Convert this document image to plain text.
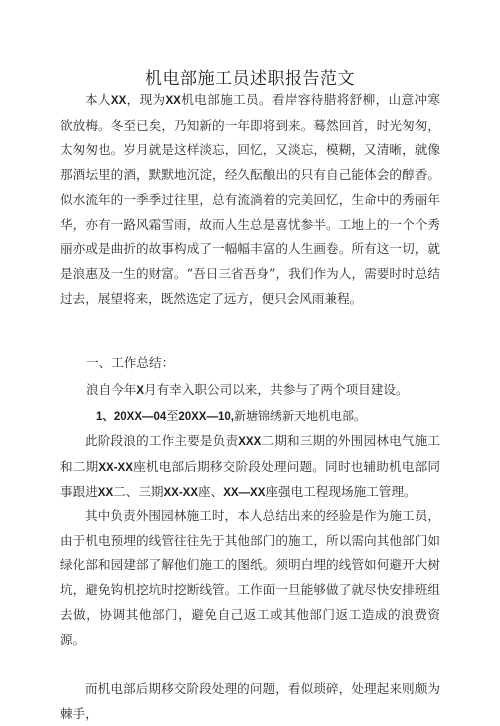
机电部施工员述职报告范文
本人XX，现为XX机电部施工员。看岸容待腊将舒柳，山意冲寒欲放梅。冬至已矣，乃知新的一年即将到来。蓦然回首，时光匆匆，太匆匆也。岁月就是这样淡忘，回忆，又淡忘，模糊，又清晰，就像那酒坛里的酒，默默地沉淀，经久酝酿出的只有自己能体会的醇香。似水流年的一季季过往里，总有流淌着的完美回忆，生命中的秀丽年华，亦有一路风霜雪雨，故而人生总是喜忧参半。工地上的一个个秀丽亦或是曲折的故事构成了一幅幅丰富的人生画卷。所有这一切，就是浪惠及一生的财富。“吾日三省吾身”，我们作为人，需要时时总结过去，展望将来，既然选定了远方，便只会风雨兼程。
一、工作总结：
浪自今年X月有幸入职公司以来，共参与了两个项目建设。
1、20XX—04至20XX—10,新塘锦绣新天地机电部。
此阶段浪的工作主要是负责XXX二期和三期的外围园林电气施工和二期XX-XX座机电部后期移交阶段处理问题。同时也辅助机电部同事跟进XX二、三期XX-XX座、XX—XX座强电工程现场施工管理。
其中负责外围园林施工时，本人总结出来的经验是作为施工员，由于机电预埋的线管往往先于其他部门的施工，所以需向其他部门如绿化部和园建部了解他们施工的图纸。须明白埋的线管如何避开大树坑，避免钩机挖坑时挖断线管。工作面一旦能够做了就尽快安排班组去做，协调其他部门，避免自己返工或其他部门返工造成的浪费资源。
而机电部后期移交阶段处理的问题，看似琐碎，处理起来则颇为棘手，
